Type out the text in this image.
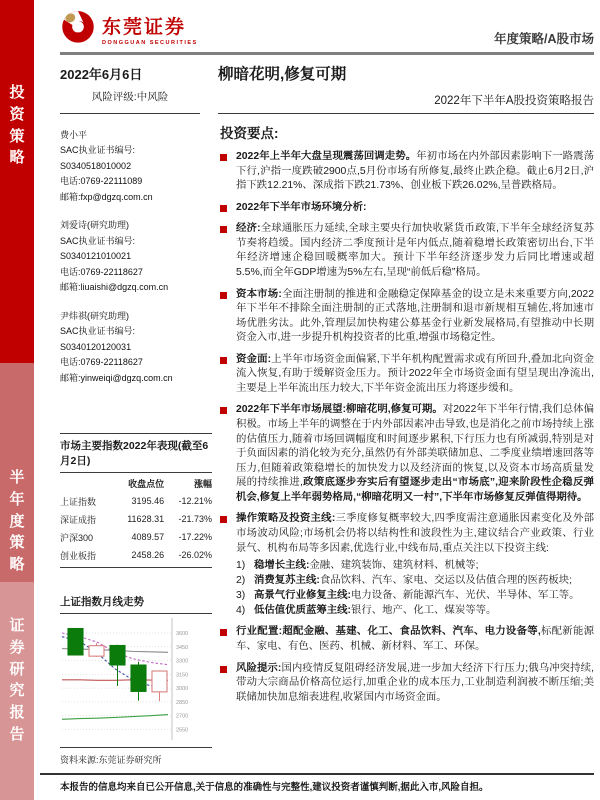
投
资
策
略
半
年
度
策
略
证
券
研
究
报
告
东莞证券
DONGGUAN SECURITIES	年度策略/A股市场
2022年6月6日	柳暗花明,修复可期
风险评级:中风险	2022年下半年A股投资策略报告
费小平
SAC执业证书编号:
S0340518010002
电话:0769-22111089
邮箱:fxp@dgzq.com.cn
刘爱诗(研究助理)
SAC执业证书编号:
S0340121010021
电话:0769-22118627
邮箱:liuaishi@dgzq.com.cn
尹炜祺(研究助理)
SAC执业证书编号:
S0340120120031
电话:0769-22118627
邮箱:yinweiqi@dgzq.com.cn
市场主要指数2022年表现(截至6月2日)
	收盘点位	涨幅
上证指数	3195.46	-12.21%
深证成指	11628.31	-21.73%
沪深300	4089.57	-17.22%
创业板指	2458.26	-26.02%
上证指数月线走势
3600
3450
3300
3150
3000
2850
2700
2550
资料来源:东莞证券研究所
投资要点:
2022年上半年大盘呈现震荡回调走势。年初市场在内外部因素影响下一路震荡下行,沪指一度跌破2900点,5月份市场有所修复,最终止跌企稳。截止6月2日,沪指下跌12.21%、深成指下跌21.73%、创业板下跌26.02%,呈普跌格局。
2022年下半年市场环境分析:
经济:全球通胀压力延续,全球主要央行加快收紧货币政策,下半年全球经济复苏节奏将趋缓。国内经济二季度预计是年内低点,随着稳增长政策密切出台,下半年经济增速企稳回暖概率加大。预计下半年经济逐步发力后同比增速或超5.5%,而全年GDP增速为5%左右,呈现“前低后稳”格局。
资本市场:全面注册制的推进和金融稳定保障基金的设立是未来重要方向,2022年下半年不排除全面注册制的正式落地,注册制和退市新规相互辅佐,将加速市场优胜劣汰。此外,管理层加快构建公募基金行业新发展格局,有望推动中长期资金入市,进一步提升机构投资者的比重,增强市场稳定性。
资金面:上半年市场资金面偏紧,下半年机构配置需求或有所回升,叠加北向资金流入恢复,有助于缓解资金压力。预计2022年全市场资金面有望呈现出净流出,主要是上半年流出压力较大,下半年资金流出压力将逐步缓和。
2022年下半年市场展望:柳暗花明,修复可期。对2022年下半年行情,我们总体偏积极。市场上半年的调整在于内外部因素冲击导致,也是消化之前市场持续上涨的估值压力,随着市场回调幅度和时间逐步累积,下行压力也有所减弱,特别是对于负面因素的消化较为充分,虽然仍有外部美联储加息、二季度业绩增速回落等压力,但随着政策稳增长的加快发力以及经济面的恢复,以及资本市场高质量发展的持续推进,政策底逐步夯实后有望逐步走出“市场底”,迎来阶段性企稳反弹机会,修复上半年弱势格局,“柳暗花明又一村”,下半年市场修复反弹值得期待。
操作策略及投资主线:三季度修复概率较大,四季度需注意通胀因素变化及外部市场波动风险;市场机会仍将以结构性和波段性为主,建议结合产业政策、行业景气、机构布局等多因素,优选行业,中线布局,重点关注以下投资主线:
1) 稳增长主线: 金融、建筑装饰、建筑材料、机械等;
2) 消费复苏主线: 食品饮料、汽车、家电、交运以及估值合理的医药板块;
3) 高景气行业修复主线: 电力设备、新能源汽车、光伏、半导体、军工等。
4) 低估值优质蓝筹主线: 银行、地产、化工、煤炭等等。
行业配置:超配金融、基建、化工、食品饮料、汽车、电力设备等,标配新能源车、家电、有色、医药、机械、新材料、军工、环保。
风险提示:国内疫情反复阻碍经济发展,进一步加大经济下行压力;俄乌冲突持续,带动大宗商品价格高位运行,加重企业的成本压力,工业制造利润被不断压缩;美联储加快加息缩表进程,收紧国内市场资金面。
本报告的信息均来自已公开信息,关于信息的准确性与完整性,建议投资者谨慎判断,据此入市,风险自担。
